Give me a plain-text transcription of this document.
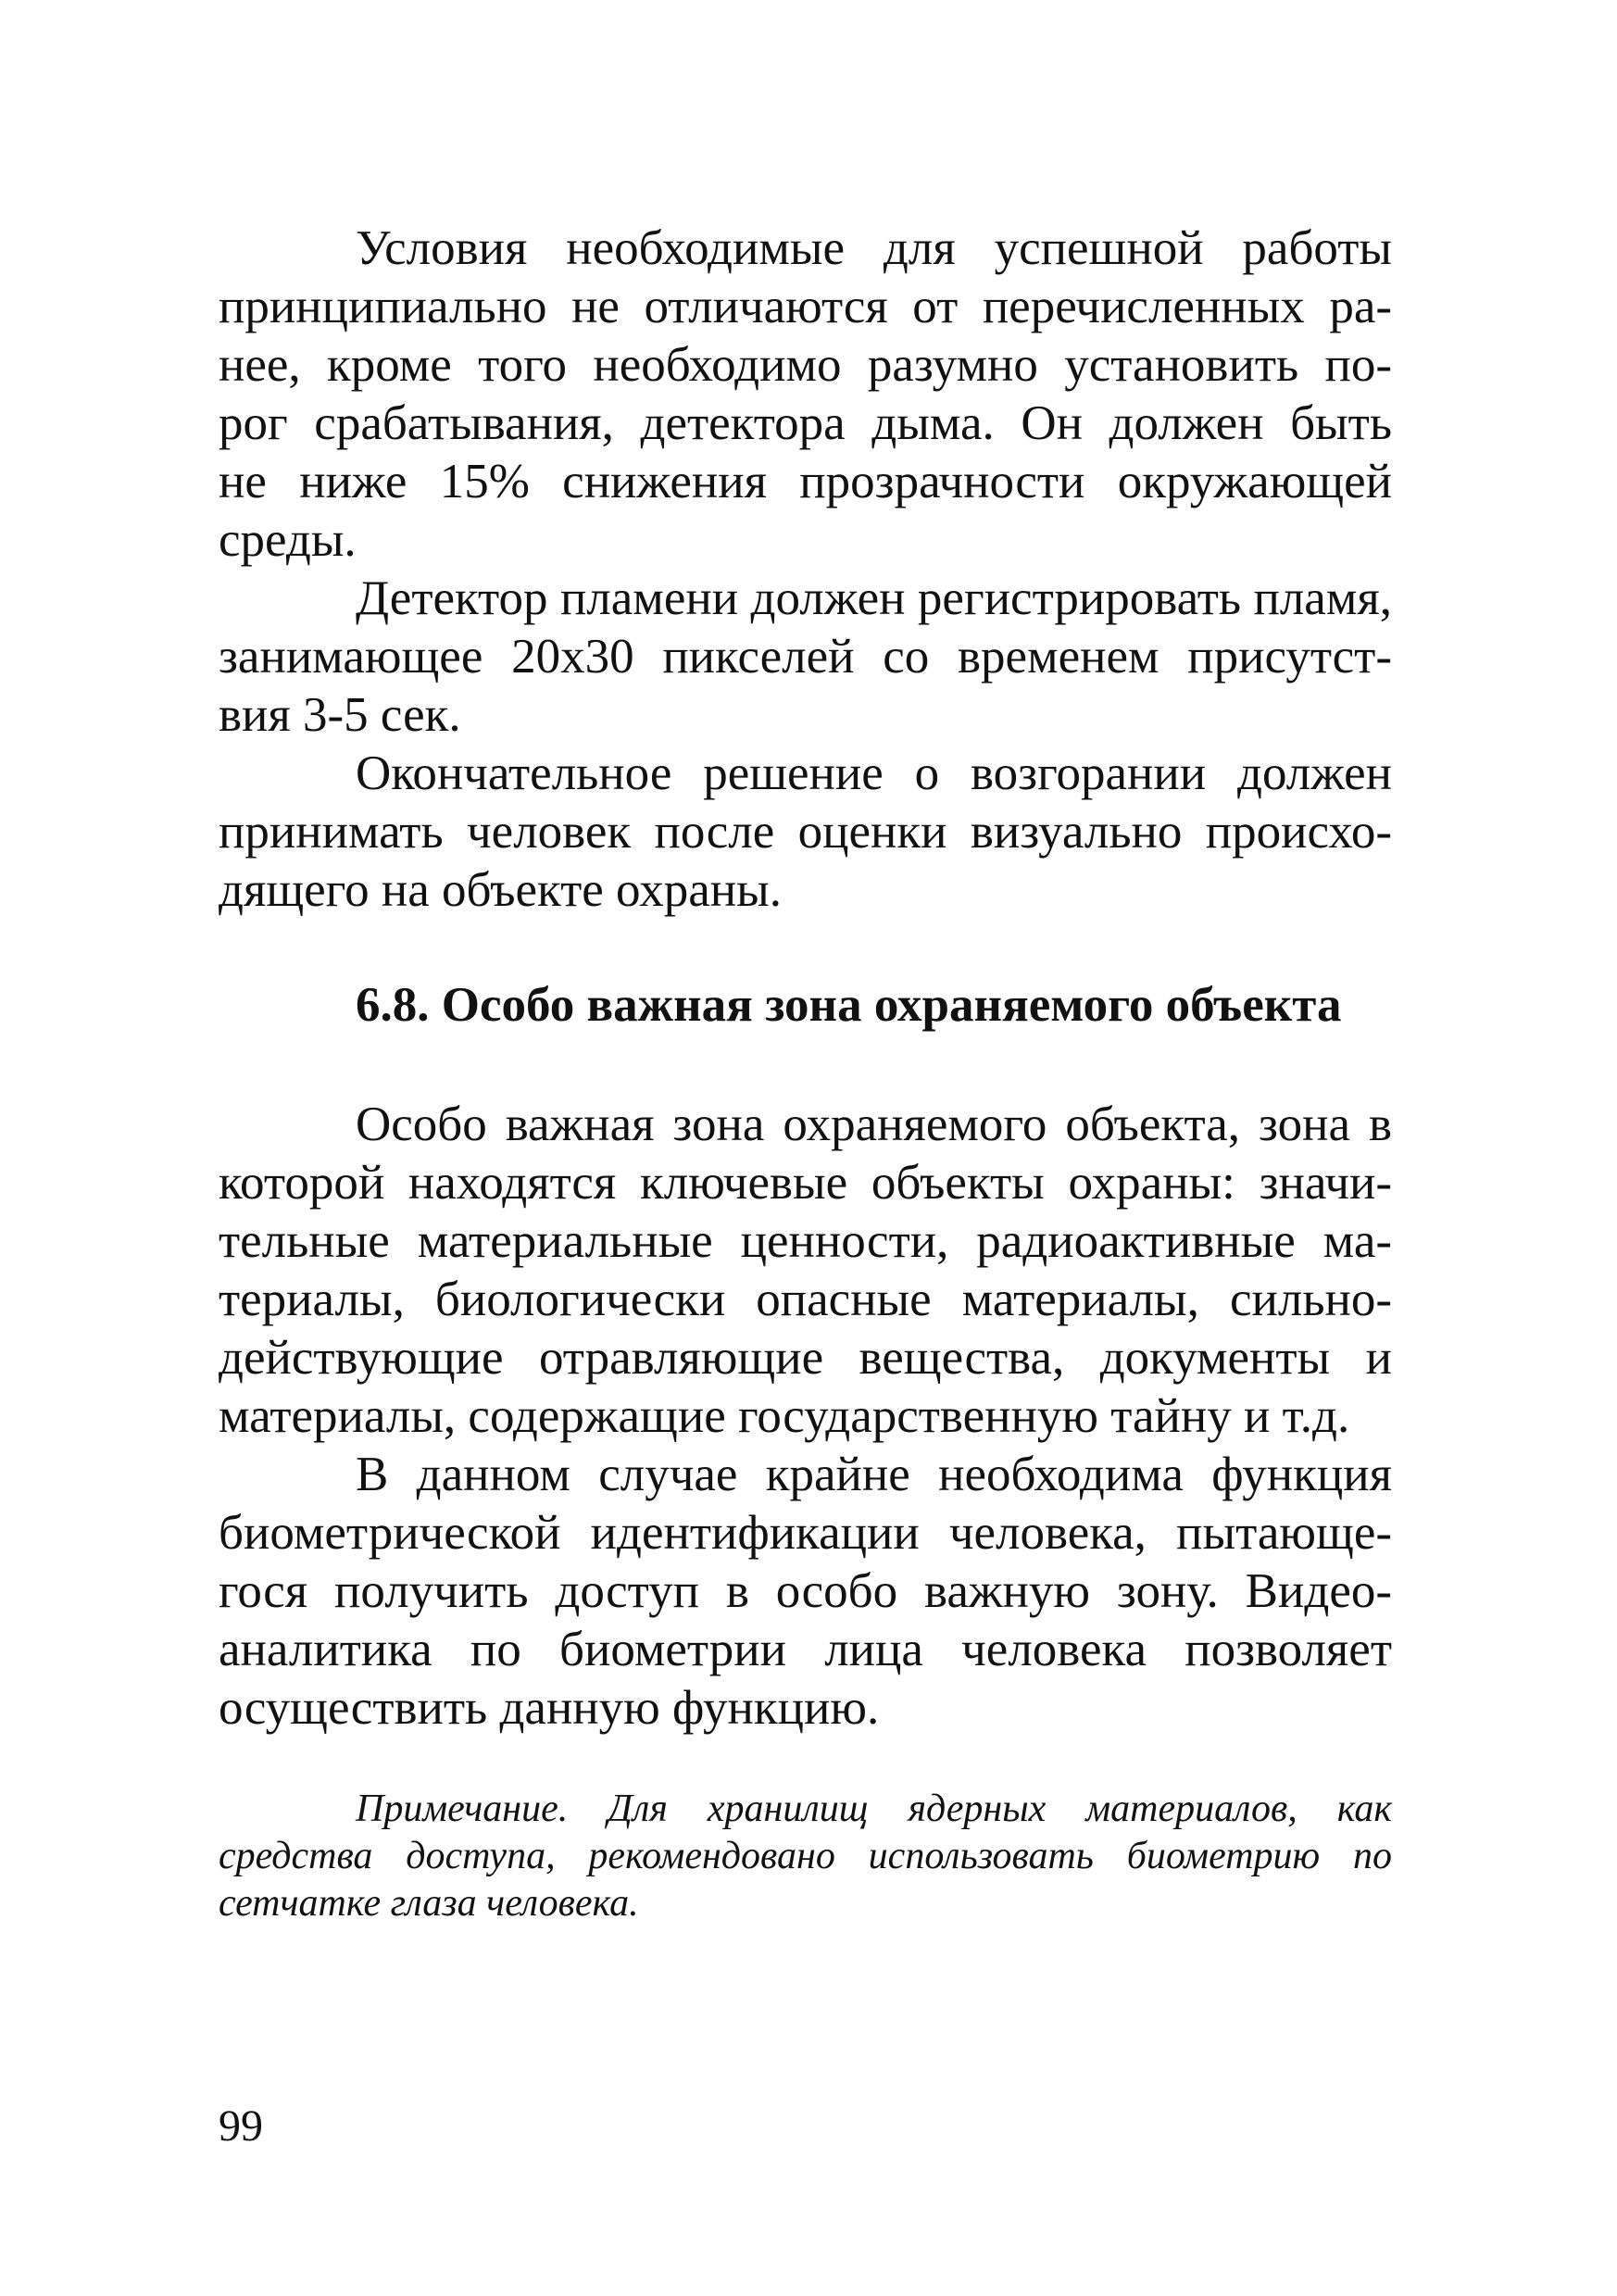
Условия необходимые для успешной работы
принципиально не отличаются от перечисленных ра-
нее, кроме того необходимо разумно установить по-
рог срабатывания, детектора дыма. Он должен быть
не ниже 15% снижения прозрачности окружающей
среды.
Детектор пламени должен регистрировать пламя,
занимающее 20х30 пикселей со временем присутст-
вия 3-5 сек.
Окончательное решение о возгорании должен
принимать человек после оценки визуально происхо-
дящего на объекте охраны.
6.8. Особо важная зона охраняемого объекта
Особо важная зона охраняемого объекта, зона в
которой находятся ключевые объекты охраны: значи-
тельные материальные ценности, радиоактивные ма-
териалы, биологически опасные материалы, сильно-
действующие отравляющие вещества, документы и
материалы, содержащие государственную тайну и т.д.
В данном случае крайне необходима функция
биометрической идентификации человека, пытающе-
гося получить доступ в особо важную зону. Видео-
аналитика по биометрии лица человека позволяет
осуществить данную функцию.
Примечание. Для хранилищ ядерных материалов, как
средства доступа, рекомендовано использовать биометрию по
сетчатке глаза человека.
99
